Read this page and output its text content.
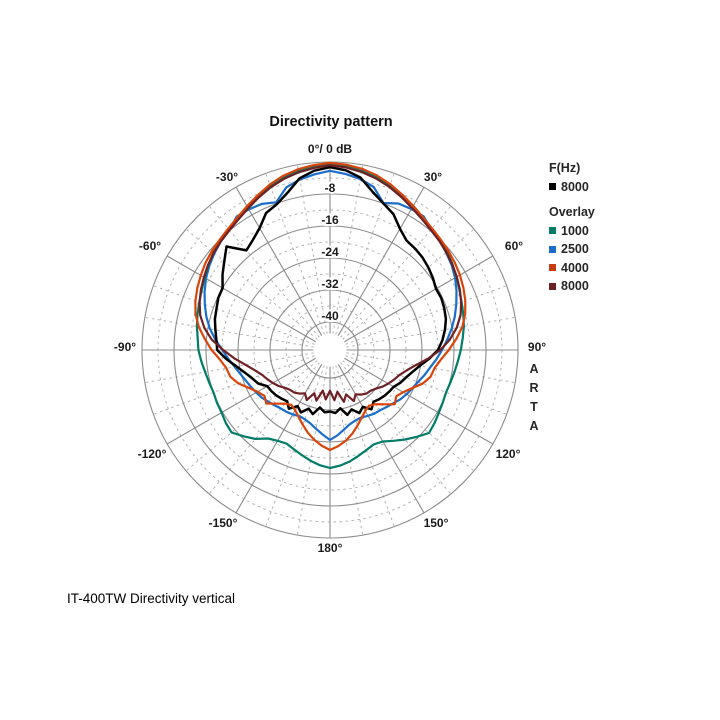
-8
-16
-24
-32
-40
0°/ 0 dB
30°
-30°
60°
-60°
90°
-90°
120°
-120°
150°
-150°
180°
Directivity pattern
F(Hz)
8000
Overlay
1000
2500
4000
8000
A
R
T
A
IT-400TW Directivity vertical
